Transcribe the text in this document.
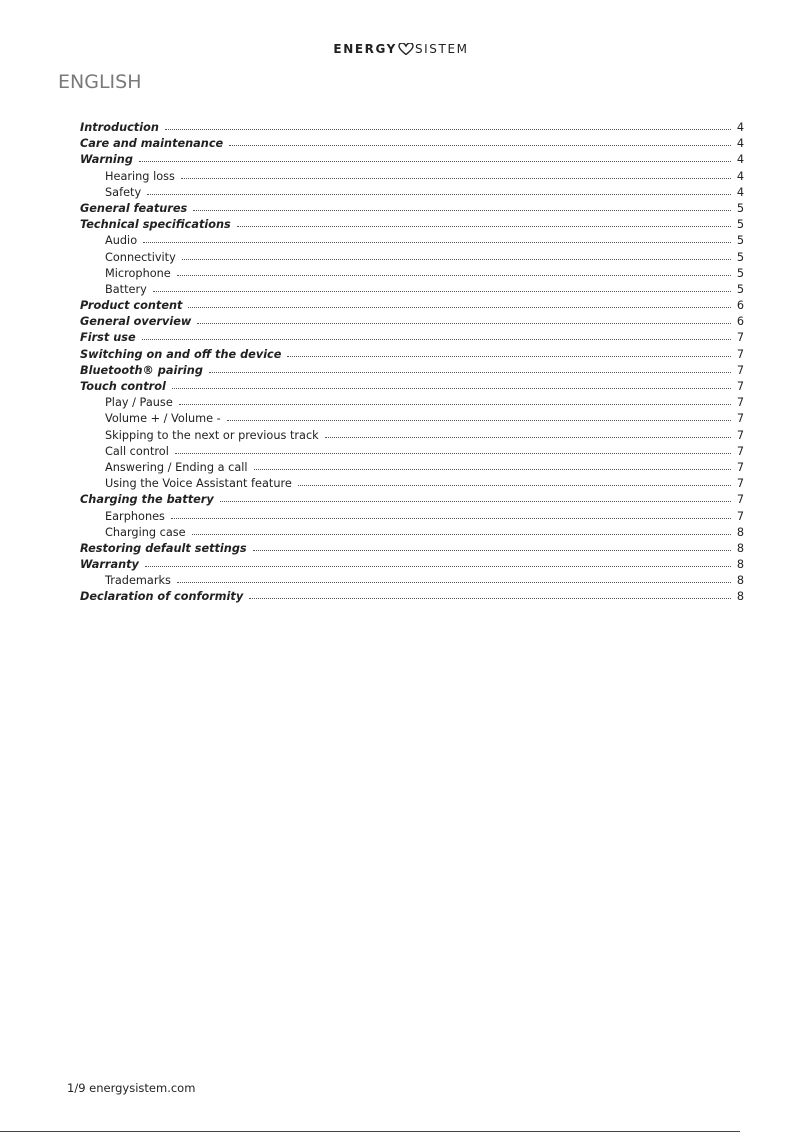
ENERGY SISTEM
ENGLISH
Introduction	4
Care and maintenance	4
Warning	4
Hearing loss	4
Safety	4
General features	5
Technical specifications	5
Audio	5
Connectivity	5
Microphone	5
Battery	5
Product content	6
General overview	6
First use	7
Switching on and off the device	7
Bluetooth® pairing	7
Touch control	7
Play / Pause	7
Volume + / Volume -	7
Skipping to the next or previous track	7
Call control	7
Answering / Ending a call	7
Using the Voice Assistant feature	7
Charging the battery	7
Earphones	7
Charging case	8
Restoring default settings	8
Warranty	8
Trademarks	8
Declaration of conformity	8
1/9 energysistem.com
